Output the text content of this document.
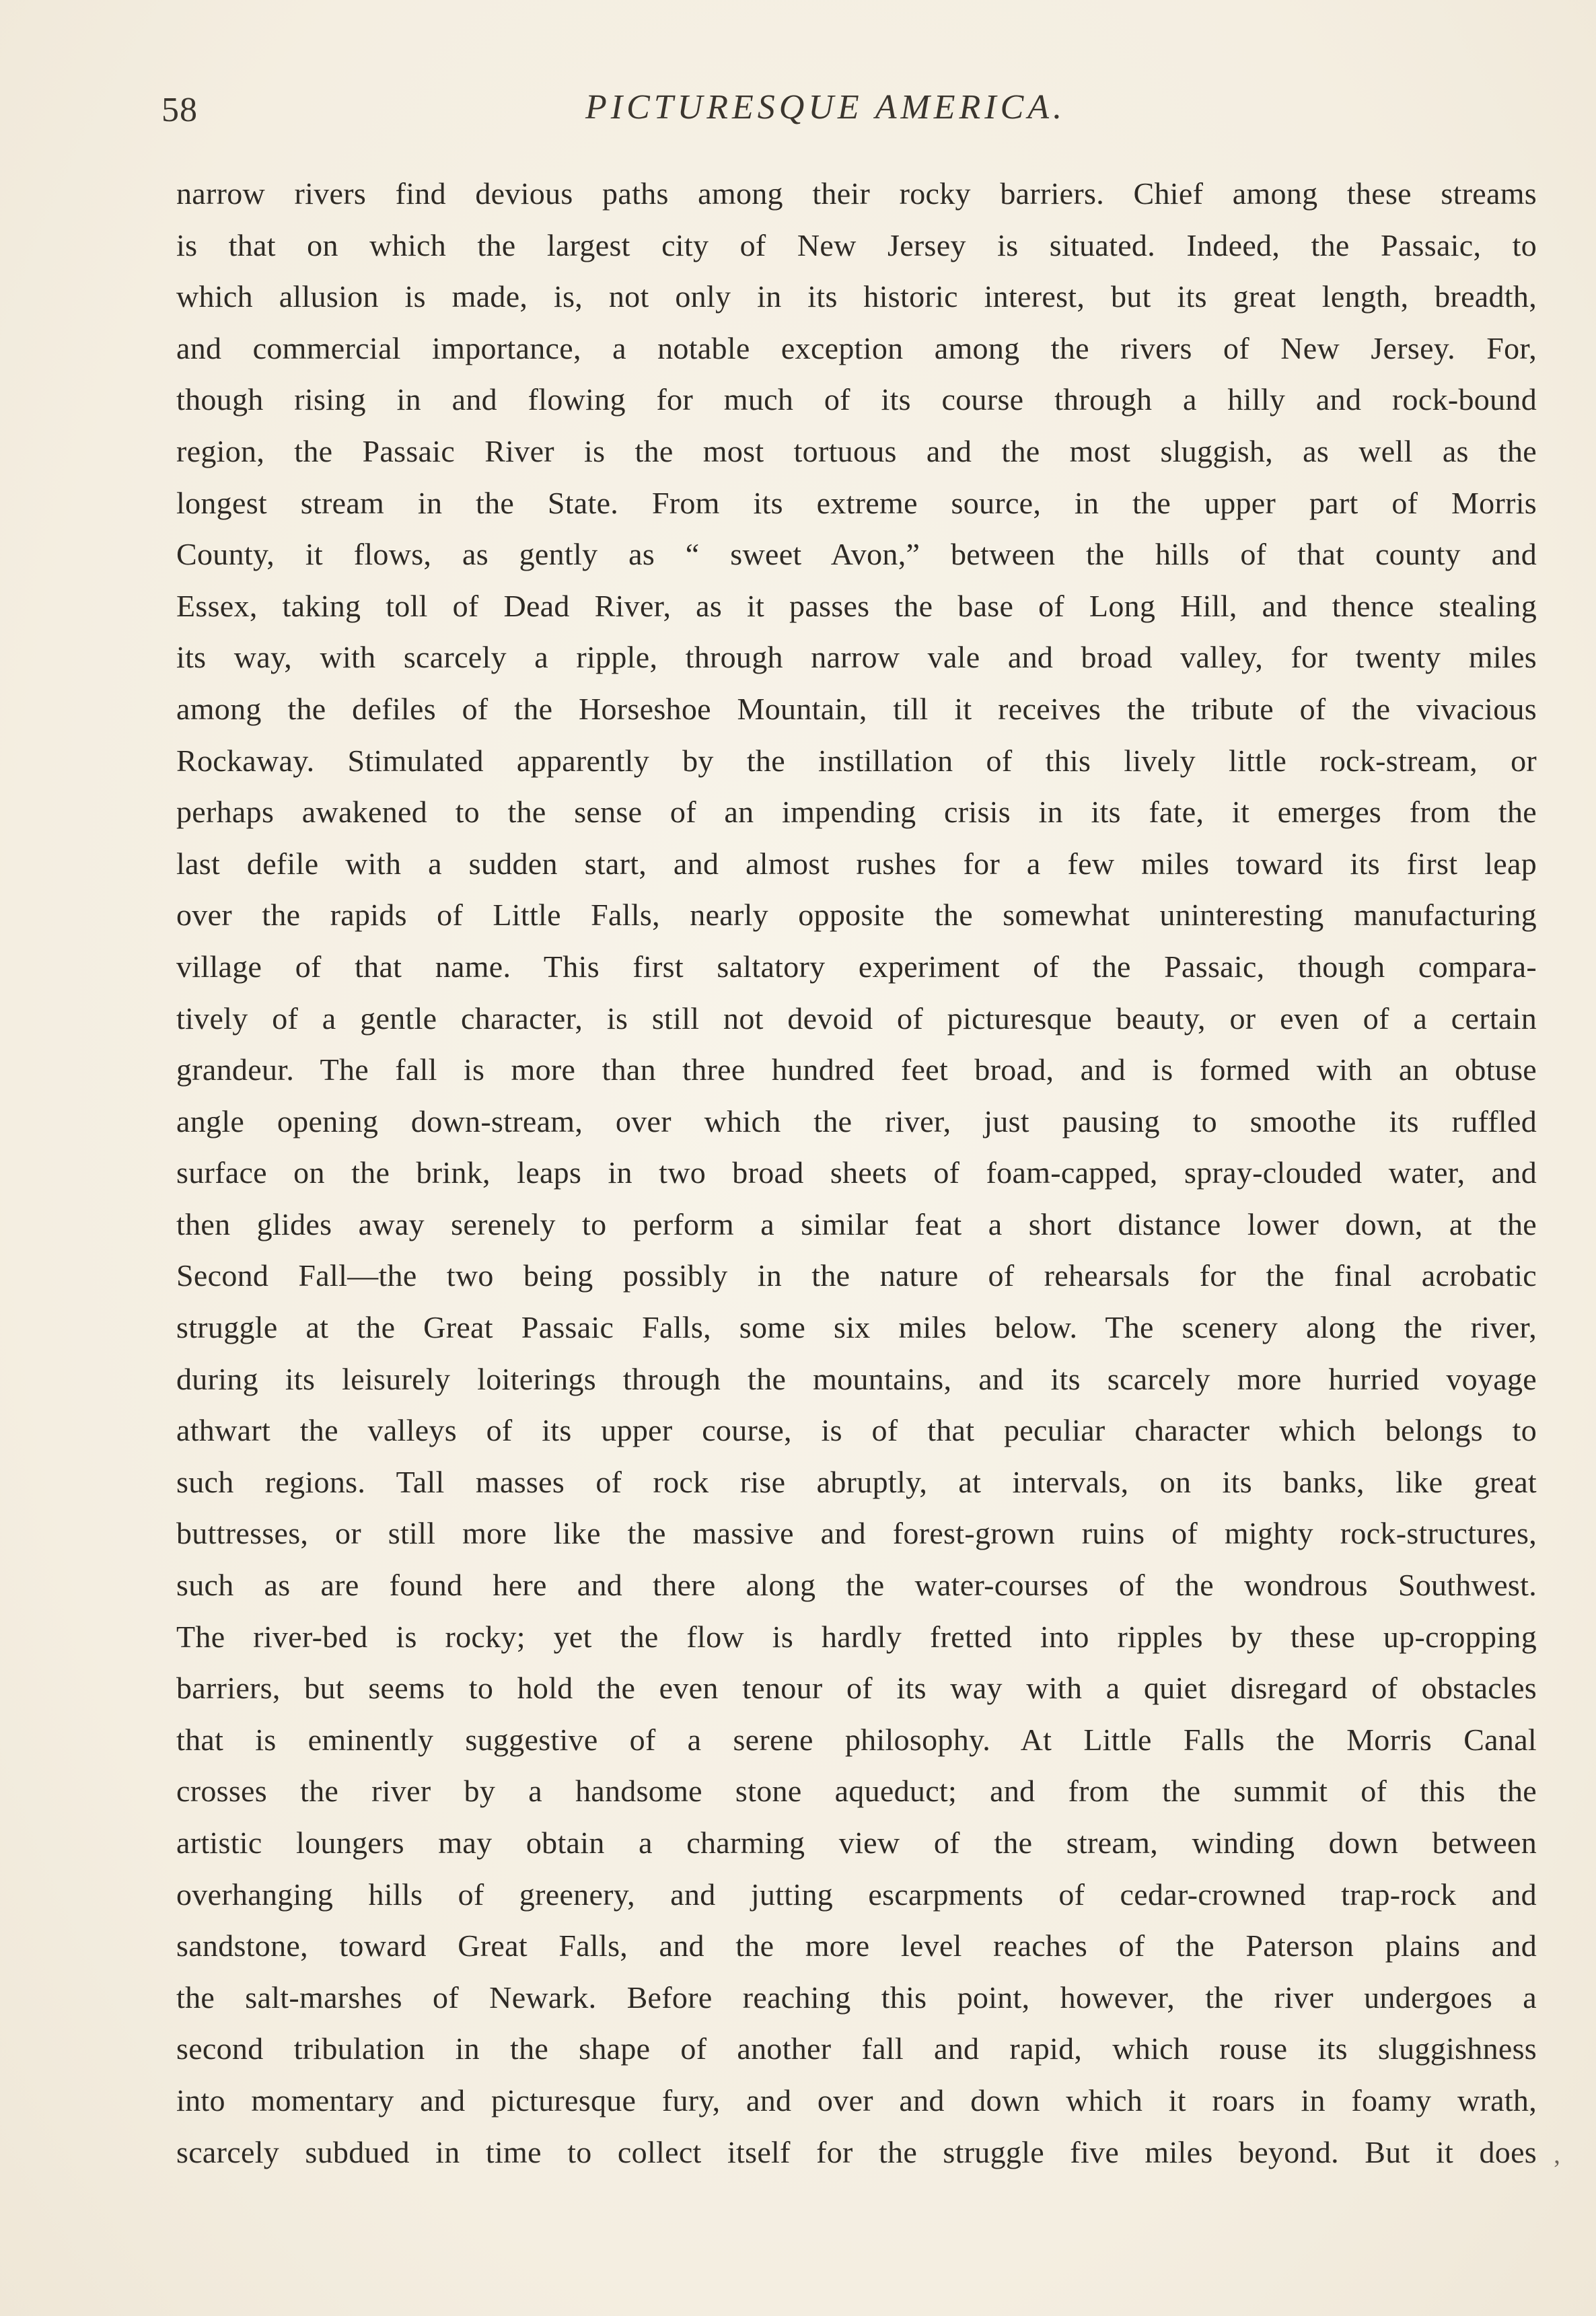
58	PICTURESQUE AMERICA.
narrow rivers find devious paths among their rocky barriers. Chief among these streams
is that on which the largest city of New Jersey is situated. Indeed, the Passaic, to
which allusion is made, is, not only in its historic interest, but its great length, breadth,
and commercial importance, a notable exception among the rivers of New Jersey. For,
though rising in and flowing for much of its course through a hilly and rock-bound
region, the Passaic River is the most tortuous and the most sluggish, as well as the
longest stream in the State. From its extreme source, in the upper part of Morris
County, it flows, as gently as “ sweet Avon,” between the hills of that county and
Essex, taking toll of Dead River, as it passes the base of Long Hill, and thence stealing
its way, with scarcely a ripple, through narrow vale and broad valley, for twenty miles
among the defiles of the Horseshoe Mountain, till it receives the tribute of the vivacious
Rockaway. Stimulated apparently by the instillation of this lively little rock-stream, or
perhaps awakened to the sense of an impending crisis in its fate, it emerges from the
last defile with a sudden start, and almost rushes for a few miles toward its first leap
over the rapids of Little Falls, nearly opposite the somewhat uninteresting manufacturing
village of that name. This first saltatory experiment of the Passaic, though compara-
tively of a gentle character, is still not devoid of picturesque beauty, or even of a certain
grandeur. The fall is more than three hundred feet broad, and is formed with an obtuse
angle opening down-stream, over which the river, just pausing to smoothe its ruffled
surface on the brink, leaps in two broad sheets of foam-capped, spray-clouded water, and
then glides away serenely to perform a similar feat a short distance lower down, at the
Second Fall—the two being possibly in the nature of rehearsals for the final acrobatic
struggle at the Great Passaic Falls, some six miles below. The scenery along the river,
during its leisurely loiterings through the mountains, and its scarcely more hurried voyage
athwart the valleys of its upper course, is of that peculiar character which belongs to
such regions. Tall masses of rock rise abruptly, at intervals, on its banks, like great
buttresses, or still more like the massive and forest-grown ruins of mighty rock-structures,
such as are found here and there along the water-courses of the wondrous Southwest.
The river-bed is rocky; yet the flow is hardly fretted into ripples by these up-cropping
barriers, but seems to hold the even tenour of its way with a quiet disregard of obstacles
that is eminently suggestive of a serene philosophy. At Little Falls the Morris Canal
crosses the river by a handsome stone aqueduct; and from the summit of this the
artistic loungers may obtain a charming view of the stream, winding down between
overhanging hills of greenery, and jutting escarpments of cedar-crowned trap-rock and
sandstone, toward Great Falls, and the more level reaches of the Paterson plains and
the salt-marshes of Newark. Before reaching this point, however, the river undergoes a
second tribulation in the shape of another fall and rapid, which rouse its sluggishness
into momentary and picturesque fury, and over and down which it roars in foamy wrath,
scarcely subdued in time to collect itself for the struggle five miles beyond. But it does
’
